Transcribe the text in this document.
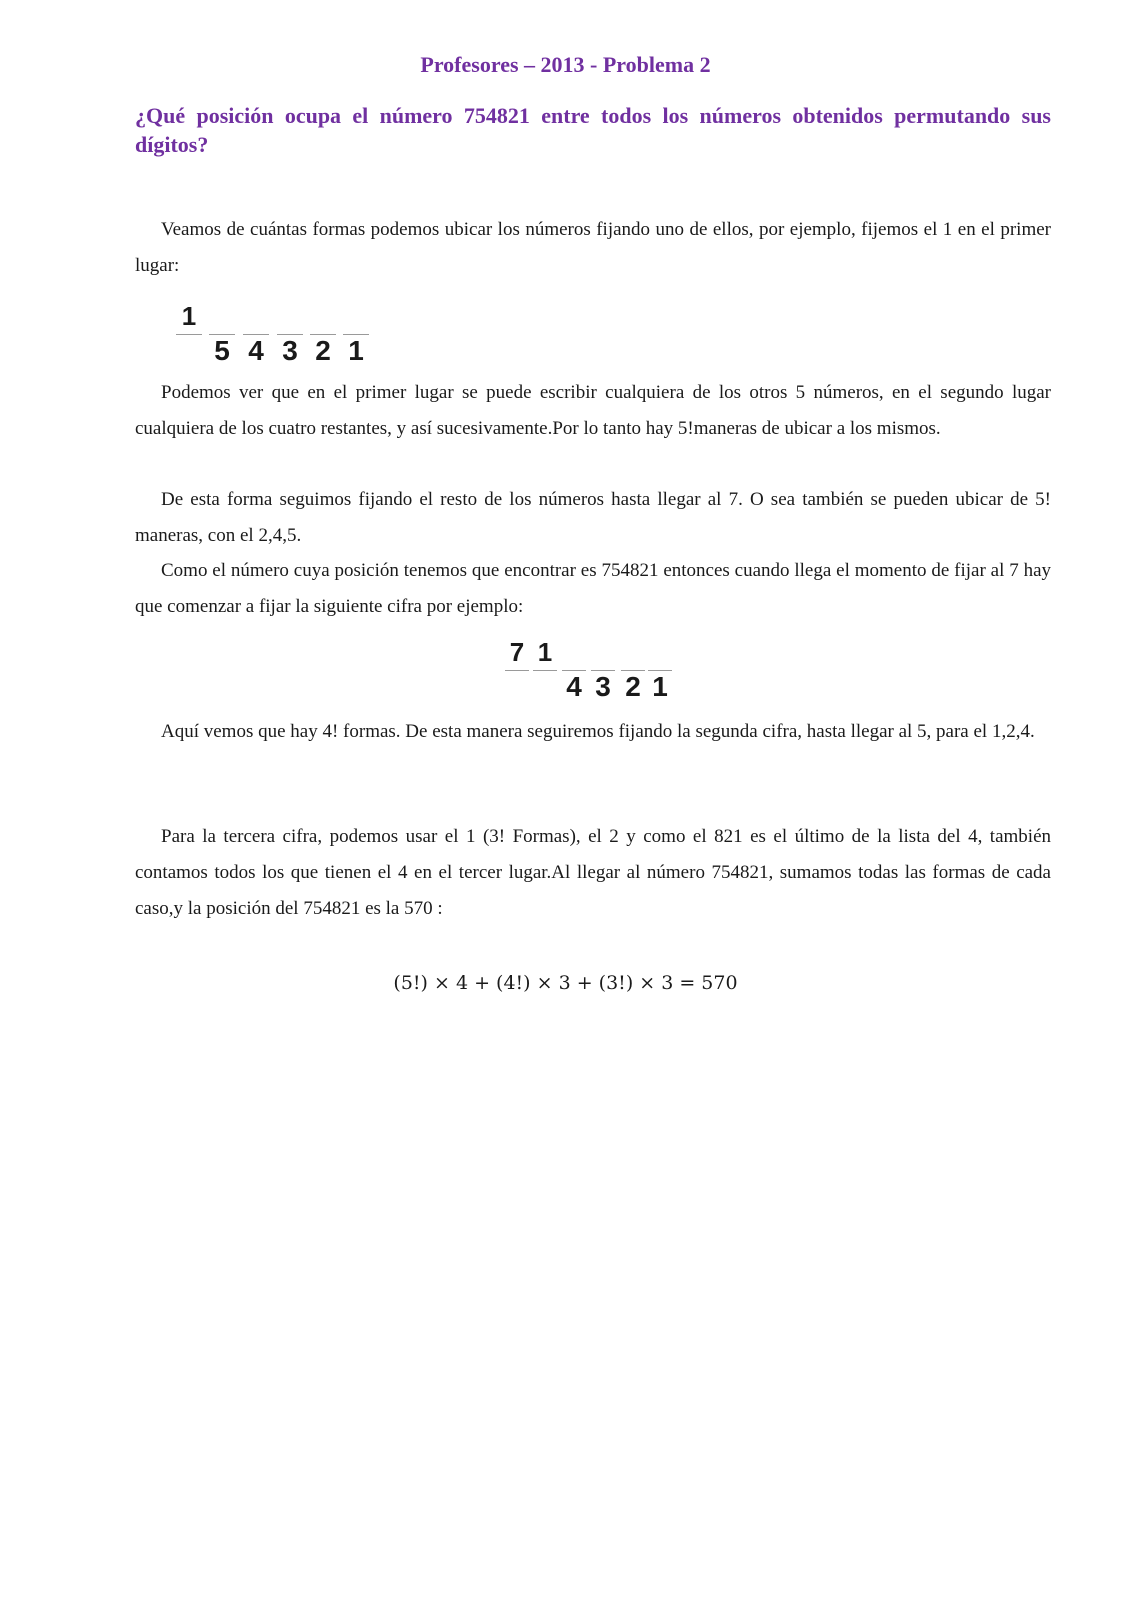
Profesores – 2013 - Problema 2
¿Qué posición ocupa el número 754821 entre todos los números obtenidos permutando sus dígitos?

Veamos de cuántas formas podemos ubicar los números fijando uno de ellos, por ejemplo, fijemos el 1 en el primer lugar:

1
5 4 3 2 1

Podemos ver que en el primer lugar se puede escribir cualquiera de los otros 5 números, en el segundo lugar cualquiera de los cuatro restantes, y así sucesivamente.Por lo tanto hay 5!maneras de ubicar a los mismos.

De esta forma seguimos fijando el resto de los números hasta llegar al 7. O sea también se pueden ubicar de 5! maneras, con el 2,4,5.

Como el número cuya posición tenemos que encontrar es 754821 entonces cuando llega el momento de fijar al 7 hay que comenzar a fijar la siguiente cifra por ejemplo:

7 1
4 3 2 1

Aquí vemos que hay 4! formas. De esta manera seguiremos fijando la segunda cifra, hasta llegar al 5, para el 1,2,4.

Para la tercera cifra, podemos usar el 1 (3! Formas), el 2 y como el 821 es el último de la lista del 4, también contamos todos los que tienen el 4 en el tercer lugar.Al llegar al número 754821, sumamos todas las formas de cada caso,y la posición del 754821 es la 570 :

(5!) × 4 + (4!) × 3 + (3!) × 3 = 570
